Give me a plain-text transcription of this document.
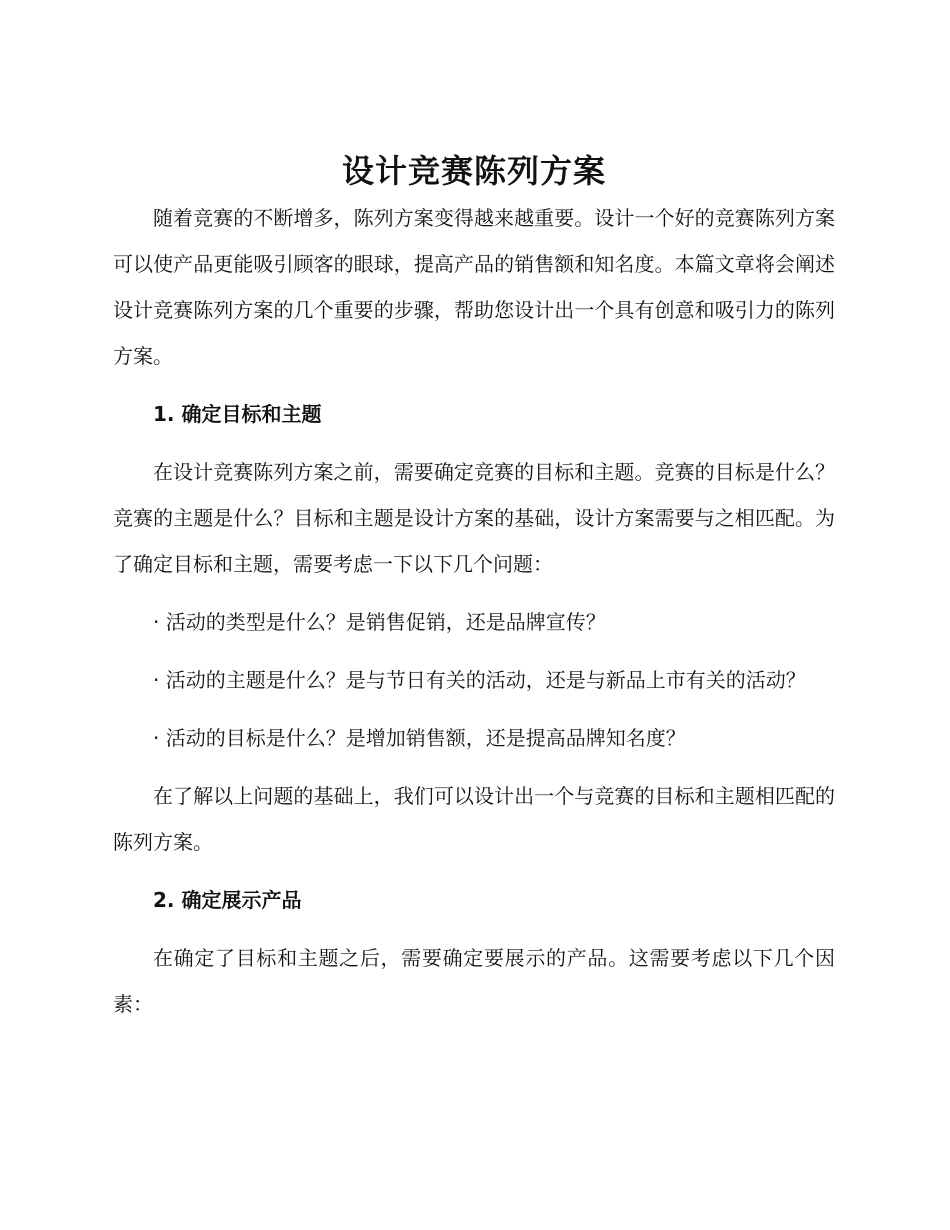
设计竞赛陈列方案

随着竞赛的不断增多，陈列方案变得越来越重要。设计一个好的竞赛陈列方案可以使产品更能吸引顾客的眼球，提高产品的销售额和知名度。本篇文章将会阐述设计竞赛陈列方案的几个重要的步骤，帮助您设计出一个具有创意和吸引力的陈列方案。

1. 确定目标和主题

在设计竞赛陈列方案之前，需要确定竞赛的目标和主题。竞赛的目标是什么？竞赛的主题是什么？目标和主题是设计方案的基础，设计方案需要与之相匹配。为了确定目标和主题，需要考虑一下以下几个问题：

· 活动的类型是什么？是销售促销，还是品牌宣传？

· 活动的主题是什么？是与节日有关的活动，还是与新品上市有关的活动？

· 活动的目标是什么？是增加销售额，还是提高品牌知名度？

在了解以上问题的基础上，我们可以设计出一个与竞赛的目标和主题相匹配的陈列方案。

2. 确定展示产品

在确定了目标和主题之后，需要确定要展示的产品。这需要考虑以下几个因素：
